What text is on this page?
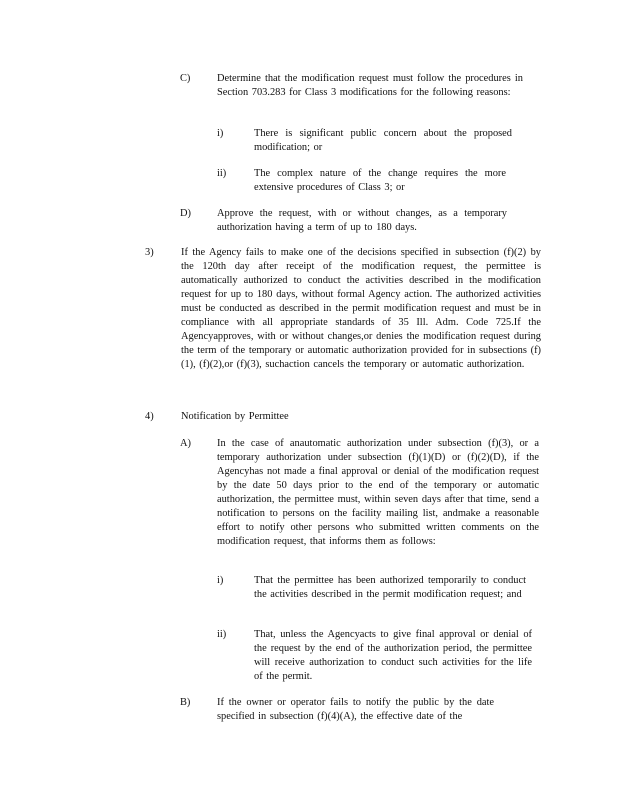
C)	Determine that the modification request must follow the procedures in Section 703.283 for Class 3 modifications for the following reasons:
i)	There is significant public concern about the proposed modification; or
ii)	The complex nature of the change requires the more extensive procedures of Class 3; or
D)	Approve the request, with or without changes, as a temporary authorization having a term of up to 180 days.
3)	If the Agency fails to make one of the decisions specified in subsection (f)(2) by the 120th day after receipt of the modification request, the permittee is automatically authorized to conduct the activities described in the modification request for up to 180 days, without formal Agency action. The authorized activities must be conducted as described in the permit modification request and must be in compliance with all appropriate standards of 35 Ill. Adm. Code 725.If the Agencyapproves, with or without changes,or denies the modification request during the term of the temporary or automatic authorization provided for in subsections (f)(1), (f)(2),or (f)(3), suchaction cancels the temporary or automatic authorization.
4)	Notification by Permittee
A)	In the case of anautomatic authorization under subsection (f)(3), or a temporary authorization under subsection (f)(1)(D) or (f)(2)(D), if the Agencyhas not made a final approval or denial of the modification request by the date 50 days prior to the end of the temporary or automatic authorization, the permittee must, within seven days after that time, send a notification to persons on the facility mailing list, andmake a reasonable effort to notify other persons who submitted written comments on the modification request, that informs them as follows:
i)	That the permittee has been authorized temporarily to conduct the activities described in the permit modification request; and
ii)	That, unless the Agencyacts to give final approval or denial of the request by the end of the authorization period, the permittee will receive authorization to conduct such activities for the life of the permit.
B)	If the owner or operator fails to notify the public by the date specified in subsection (f)(4)(A), the effective date of the
